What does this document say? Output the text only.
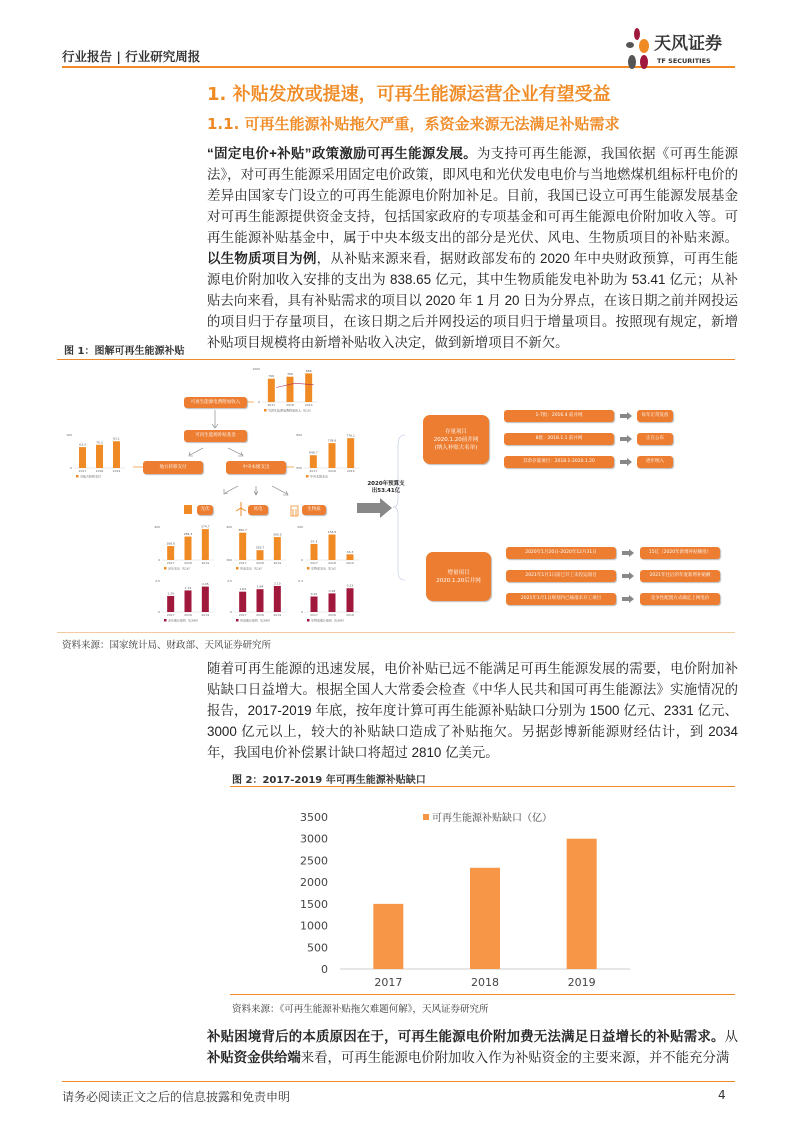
行业报告 | 行业研究周报
天风证券
TF SECURITIES
1. 补贴发放或提速，可再生能源运营企业有望受益
1.1. 可再生能源补贴拖欠严重，系资金来源无法满足补贴需求
“固定电价+补贴”政策激励可再生能源发展。为支持可再生能源，我国依据《可再生能源法》，对可再生能源采用固定电价政策，即风电和光伏发电电价与当地燃煤机组标杆电价的差异由国家专门设立的可再生能源电价附加补足。目前，我国已设立可再生能源发展基金对可再生能源提供资金支持，包括国家政府的专项基金和可再生能源电价附加收入等。可再生能源补贴基金中，属于中央本级支出的部分是光伏、风电、生物质项目的补贴来源。以生物质项目为例，从补贴来源来看，据财政部发布的 2020 年中央财政预算，可再生能源电价附加收入安排的支出为 838.65 亿元，其中生物质能发电补助为 53.41 亿元；从补贴去向来看，具有补贴需求的项目以 2020 年 1 月 20 日为分界点，在该日期之前并网投运的项目归于存量项目，在该日期之后并网投运的项目归于增量项目。按照现有规定，新增补贴项目规模将由新增补贴收入决定，做到新增项目不新欠。
图 1：图解可再生能源补贴
可再生能源电费附加收入
可再生能源补贴基金
地方转移支付	中央本级支出
光伏	风电	生物质
2020年预算支出53.41亿
存量项目
2020.1.20前并网
(纳入补贴大名单)
增量项目
2020.1.20后并网
1-7批：2016.4 前并网	每年正常发放
8批：2018.1.1 前并网	正在公布
其余存量项目：2018.1-2020.1.20	逐步纳入
2020年1月20日-2020年12月31日	15亿（2020年新增补贴额度）
2021年1月1日前已开工未投运项目	2021年往后的年度新增补贴额
2021年1月1日规划内已核准未开工项目	竞争性配置方式确定上网电价
1000
0
706
2017
766
2018
868
2019
可再生能源电费附加收入（亿元）
100
0
63.3
2017
70.3
2018
81.1
2019
对地方转移支付
800
550
646.7
2017
738.6
2018
776.1
2019
中央本级支出
400
0
168.8
2017
284.3
2018
374.7
2019
光伏支出（亿元）
400
300
382.7
2017
329.7
2018
369.5
2019
风电支出（亿元）
200
0
97.3
2017
154.6
2018
34.3
2019
生物质支出（亿元）
2.5
0
1.29
2017
1.74
2018
2.05
2019
光伏累计装机（亿KW）
2.5
0
1.64
2017
1.84
2018
2.10
2019
风电累计装机（亿KW）
0.3
0
0.15
2017
0.18
2018
0.23
2019
生物质累计装机（亿KW）
资料来源：国家统计局、财政部、天风证券研究所
随着可再生能源的迅速发展，电价补贴已远不能满足可再生能源发展的需要，电价附加补贴缺口日益增大。根据全国人大常委会检查《中华人民共和国可再生能源法》实施情况的报告，2017-2019 年底，按年度计算可再生能源补贴缺口分别为 1500 亿元、2331 亿元、3000 亿元以上，较大的补贴缺口造成了补贴拖欠。另据彭博新能源财经估计，到 2034 年，我国电价补偿累计缺口将超过 2810 亿美元。
图 2：2017-2019 年可再生能源补贴缺口
0
500
1000
1500
2000
2500
3000
3500
2017	2018	2019
可再生能源补贴缺口（亿）
资料来源：《可再生能源补贴拖欠难题何解》，天风证券研究所
补贴困境背后的本质原因在于，可再生能源电价附加费无法满足日益增长的补贴需求。从补贴资金供给端来看，可再生能源电价附加收入作为补贴资金的主要来源，并不能充分满
请务必阅读正文之后的信息披露和免责申明	4
